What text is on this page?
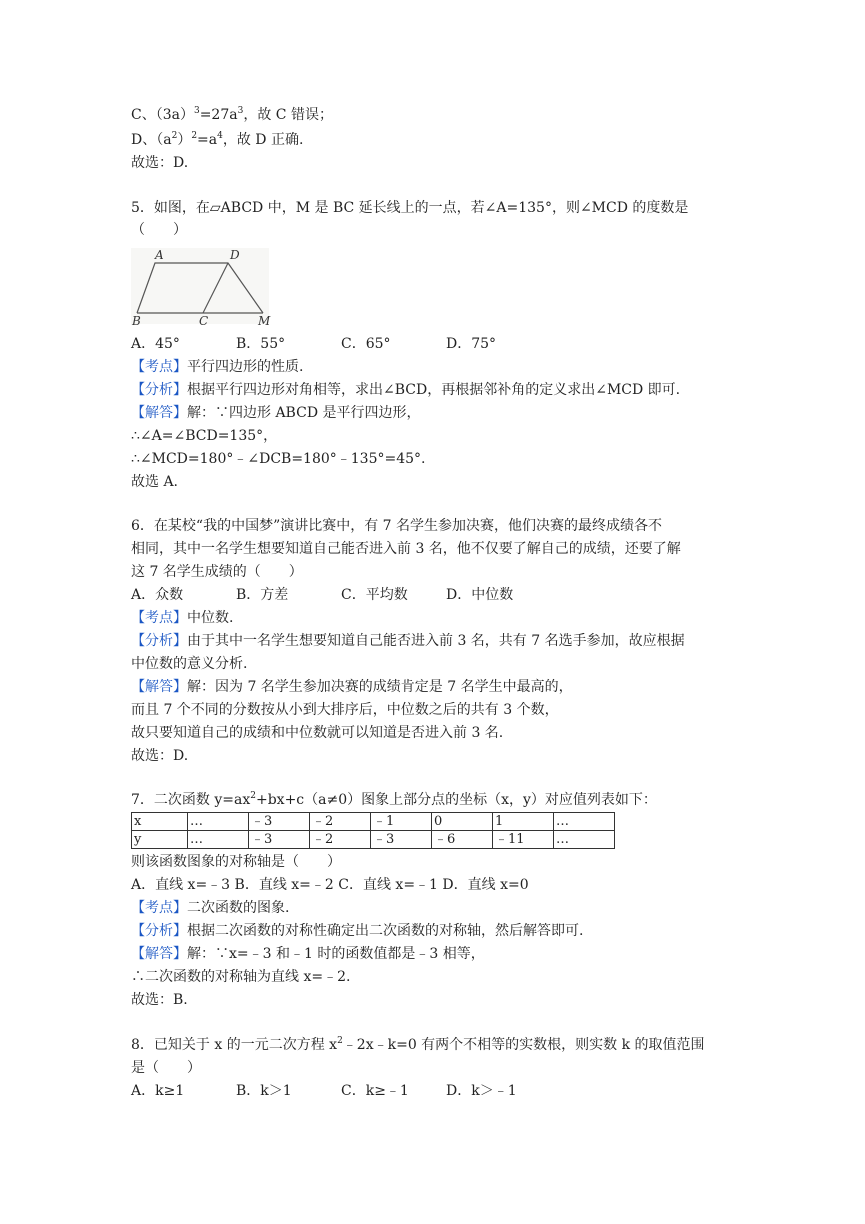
C、$(3a)^3=27a^3$，故 C 错误；
D、$(a^2)^2=a^4$，故 D 正确.
故选：D.
5．如图，在▱ABCD 中，M 是 BC 延长线上的一点，若∠A=135°，则∠MCD 的度数是
（　　）
A	D
B	C	M
A．45°	B．55°	C．65°	D．75°
【考点】平行四边形的性质.
【分析】根据平行四边形对角相等，求出∠BCD，再根据邻补角的定义求出∠MCD 即可.
【解答】解：∵四边形 ABCD 是平行四边形，
∴∠A=∠BCD=135°，
∴∠MCD=180°﹣∠DCB=180°﹣135°=45°.
故选 A.
6．在某校“我的中国梦”演讲比赛中，有 7 名学生参加决赛，他们决赛的最终成绩各不
相同，其中一名学生想要知道自己能否进入前 3 名，他不仅要了解自己的成绩，还要了解
这 7 名学生成绩的（　　）
A．众数	B．方差	C．平均数	D．中位数
【考点】中位数.
【分析】由于其中一名学生想要知道自己能否进入前 3 名，共有 7 名选手参加，故应根据
中位数的意义分析.
【解答】解：因为 7 名学生参加决赛的成绩肯定是 7 名学生中最高的，
而且 7 个不同的分数按从小到大排序后，中位数之后的共有 3 个数，
故只要知道自己的成绩和中位数就可以知道是否进入前 3 名.
故选：D.
7．二次函数 $y=ax^2+bx+c(a\ne 0)$图象上部分点的坐标（x，y）对应值列表如下：
x	…	﹣3	﹣2	﹣1	0	1	…
y	…	﹣3	﹣2	﹣3	﹣6	﹣11	…
则该函数图象的对称轴是（　　）
A．直线 x=﹣3 B．直线 x=﹣2 C．直线 x=﹣1 D．直线 x=0
【考点】二次函数的图象.
【分析】根据二次函数的对称性确定出二次函数的对称轴，然后解答即可.
【解答】解：∵x=﹣3 和﹣1 时的函数值都是﹣3 相等，
∴二次函数的对称轴为直线 x=﹣2.
故选：B.
8．已知关于 x 的一元二次方程 $x^2﹣2x﹣k=0$ 有两个不相等的实数根，则实数 k 的取值范围
是（　　）
A．k≥1	B．k＞1	C．k≥﹣1	D．k＞﹣1
